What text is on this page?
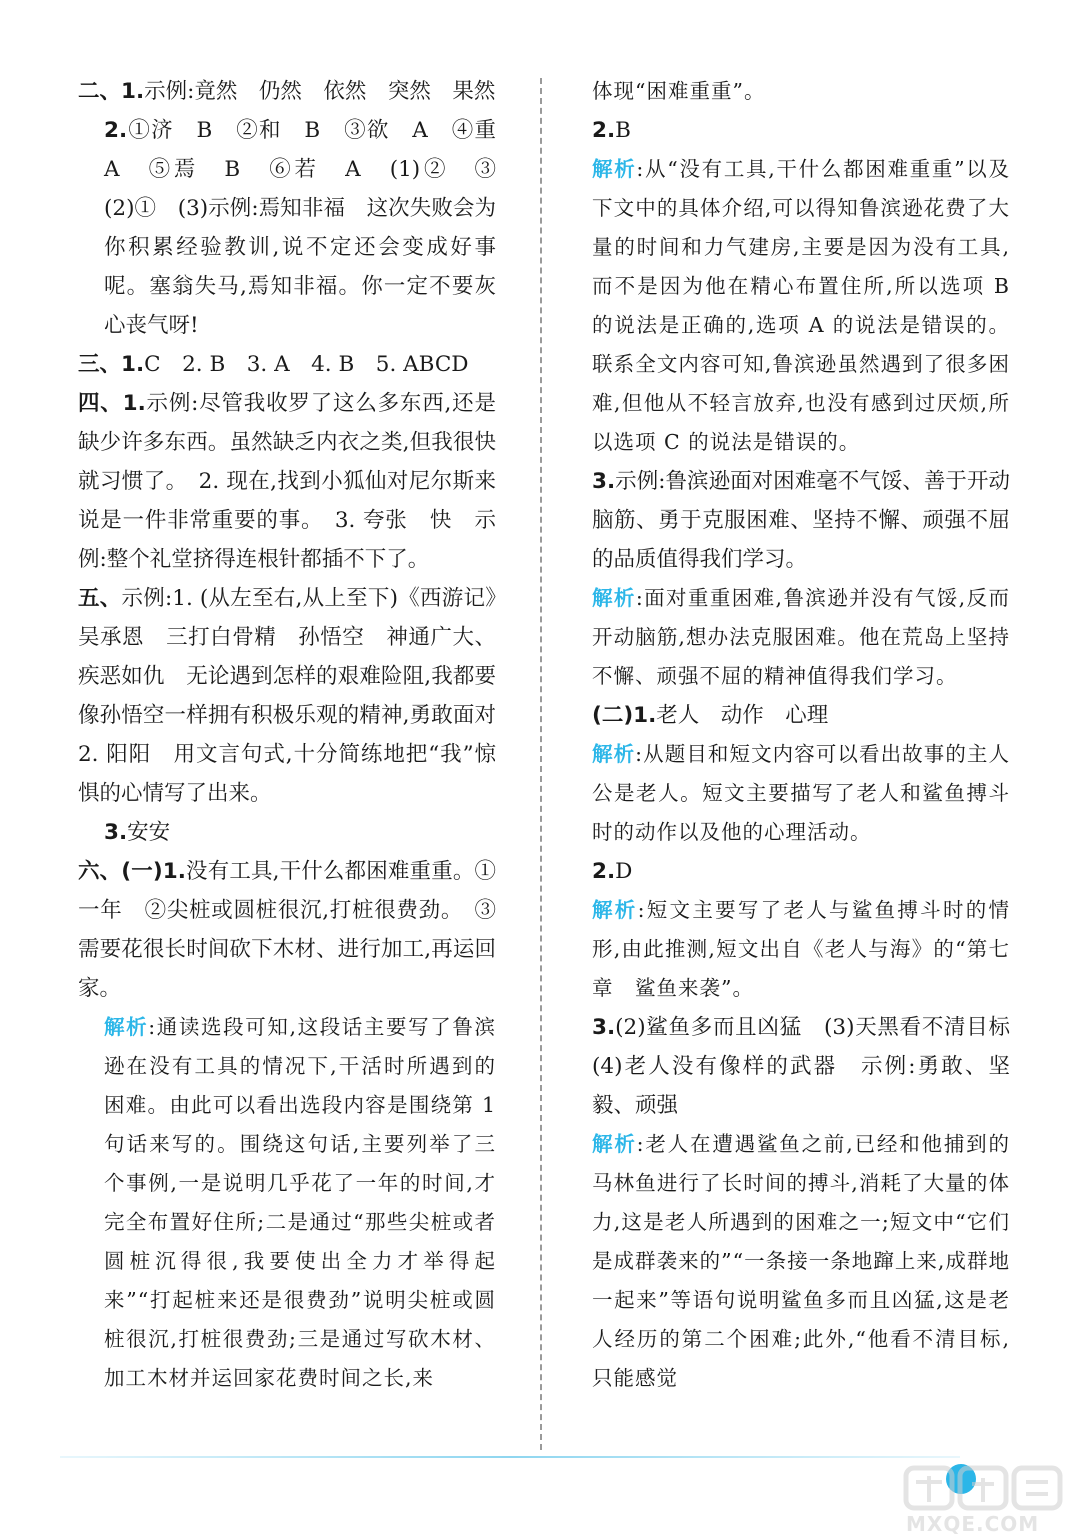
二、1.示例:竟然　仍然　依然　突然　果然

2.①济　B　②和　B　③欲　A　④重　A　⑤焉　B　⑥若　A　(1)②　③　(2)①　(3)示例:焉知非福　这次失败会为你积累经验教训,说不定还会变成好事呢。塞翁失马,焉知非福。你一定不要灰心丧气呀!

三、1.C　2. B　3. A　4. B　5. ABCD

四、1.示例:尽管我收罗了这么多东西,还是缺少许多东西。虽然缺乏内衣之类,但我很快就习惯了。　2. 现在,找到小狐仙对尼尔斯来说是一件非常重要的事。　3. 夸张　快　示例:整个礼堂挤得连根针都插不下了。

五、示例:1. (从左至右,从上至下)《西游记》　吴承恩　三打白骨精　孙悟空　神通广大、疾恶如仇　无论遇到怎样的艰难险阻,我都要像孙悟空一样拥有积极乐观的精神,勇敢面对　2. 阳阳　用文言句式,十分简练地把“我”惊惧的心情写了出来。

3.安安

六、(一)1.没有工具,干什么都困难重重。①一年　②尖桩或圆桩很沉,打桩很费劲。　③需要花很长时间砍下木材、进行加工,再运回家。

解析:通读选段可知,这段话主要写了鲁滨逊在没有工具的情况下,干活时所遇到的困难。由此可以看出选段内容是围绕第 1 句话来写的。围绕这句话,主要列举了三个事例,一是说明几乎花了一年的时间,才完全布置好住所;二是通过“那些尖桩或者圆桩沉得很,我要使出全力才举得起来”“打起桩来还是很费劲”说明尖桩或圆桩很沉,打桩很费劲;三是通过写砍木材、加工木材并运回家花费时间之长,来

体现“困难重重”。

2.B

解析:从“没有工具,干什么都困难重重”以及下文中的具体介绍,可以得知鲁滨逊花费了大量的时间和力气建房,主要是因为没有工具,而不是因为他在精心布置住所,所以选项 B 的说法是正确的,选项 A 的说法是错误的。联系全文内容可知,鲁滨逊虽然遇到了很多困难,但他从不轻言放弃,也没有感到过厌烦,所以选项 C 的说法是错误的。

3.示例:鲁滨逊面对困难毫不气馁、善于开动脑筋、勇于克服困难、坚持不懈、顽强不屈的品质值得我们学习。

解析:面对重重困难,鲁滨逊并没有气馁,反而开动脑筋,想办法克服困难。他在荒岛上坚持不懈、顽强不屈的精神值得我们学习。

(二)1.老人　动作　心理

解析:从题目和短文内容可以看出故事的主人公是老人。短文主要描写了老人和鲨鱼搏斗时的动作以及他的心理活动。

2.D

解析:短文主要写了老人与鲨鱼搏斗时的情形,由此推测,短文出自《老人与海》的“第七章　鲨鱼来袭”。

3.(2)鲨鱼多而且凶猛　(3)天黑看不清目标　(4)老人没有像样的武器　示例:勇敢、坚毅、顽强

解析:老人在遭遇鲨鱼之前,已经和他捕到的马林鱼进行了长时间的搏斗,消耗了大量的体力,这是老人所遇到的困难之一;短文中“它们是成群袭来的”“一条接一条地蹿上来,成群地一起来”等语句说明鲨鱼多而且凶猛,这是老人经历的第二个困难;此外,“他看不清目标,只能感觉

MXQE.COM
